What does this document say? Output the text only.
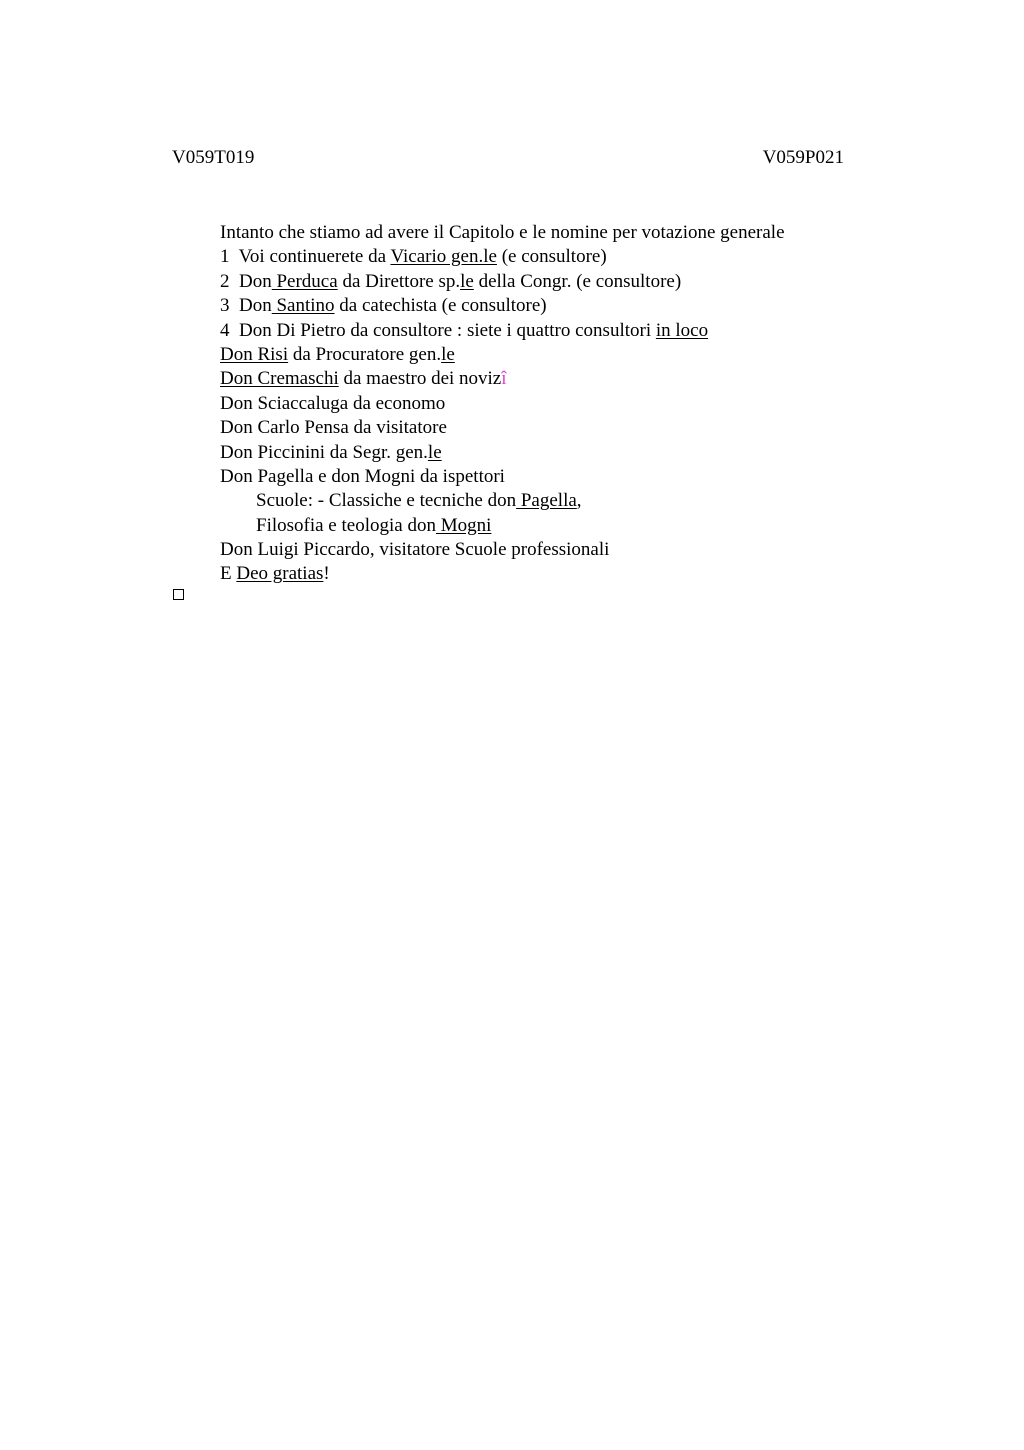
V059T019	V059P021
Intanto che stiamo ad avere il Capitolo e le nomine per votazione generale
1  Voi continuerete da Vicario gen.le (e consultore)
2  Don Perduca da Direttore sp.le della Congr. (e consultore)
3  Don Santino da catechista (e consultore)
4  Don Di Pietro da consultore : siete i quattro consultori in loco
Don Risi da Procuratore gen.le
Don Cremaschi da maestro dei novizî
Don Sciaccaluga da economo
Don Carlo Pensa da visitatore
Don Piccinini da Segr. gen.le
Don Pagella e don Mogni da ispettori
Scuole: - Classiche e tecniche don Pagella,
Filosofia e teologia don Mogni
Don Luigi Piccardo, visitatore Scuole professionali
E Deo gratias!
